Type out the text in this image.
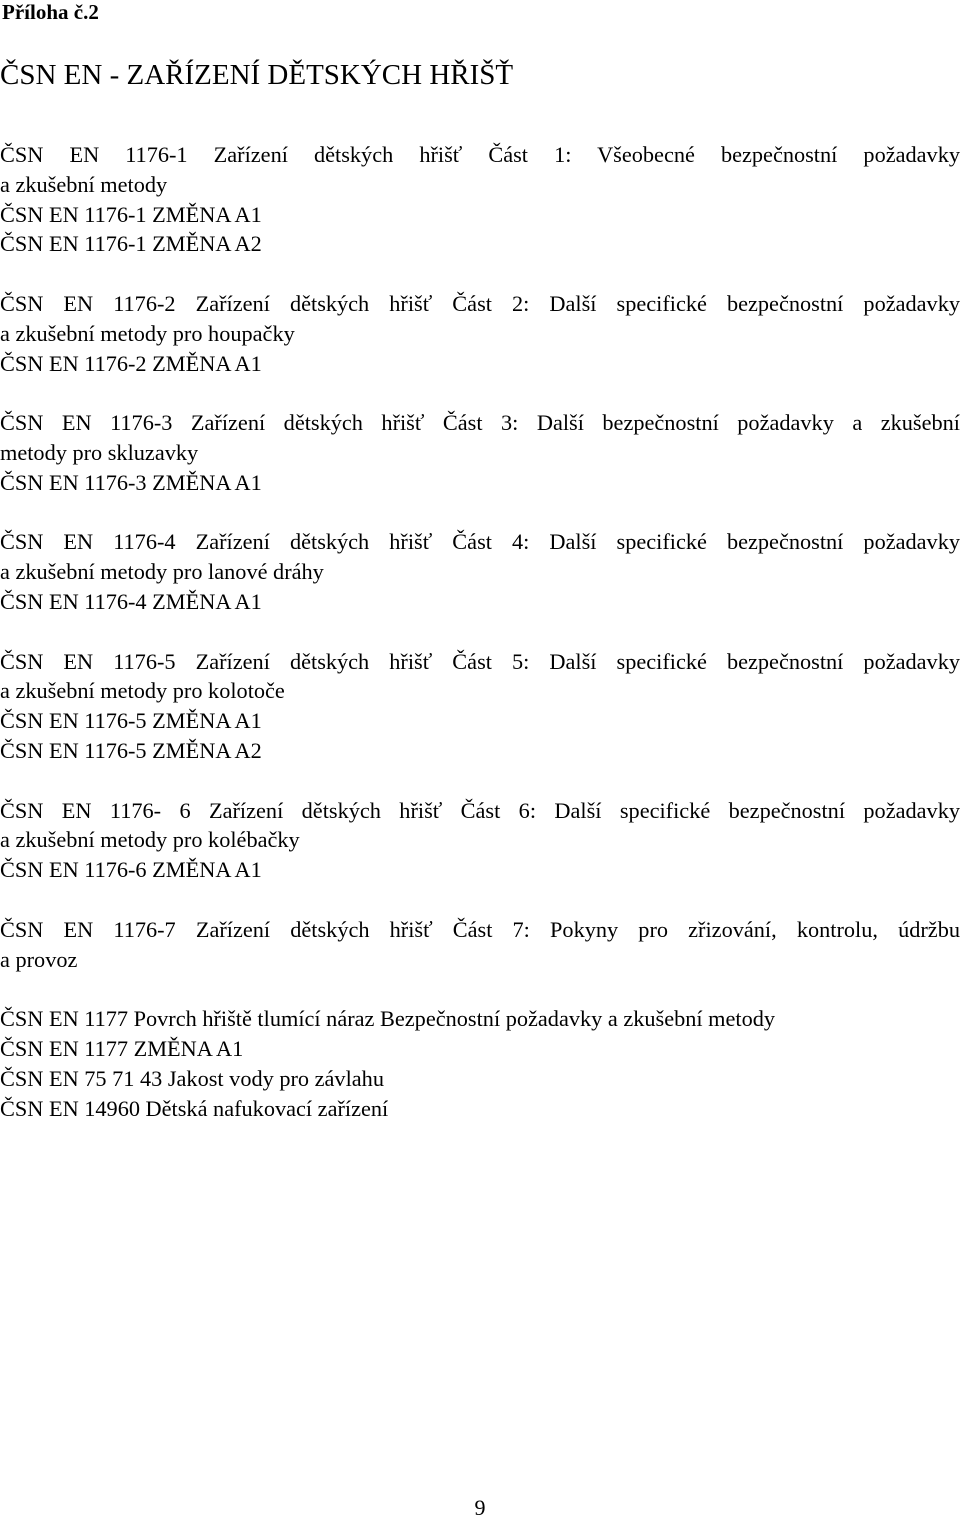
Příloha č.2
ČSN EN - ZAŘÍZENÍ DĚTSKÝCH HŘIŠŤ
ČSN EN 1176-1 Zařízení dětských hřišť Část 1: Všeobecné bezpečnostní požadavky
a zkušební metody
ČSN EN 1176-1 ZMĚNA A1
ČSN EN 1176-1 ZMĚNA A2
ČSN EN 1176-2 Zařízení dětských hřišť Část 2: Další specifické bezpečnostní požadavky
a zkušební metody pro houpačky
ČSN EN 1176-2 ZMĚNA A1
ČSN EN 1176-3 Zařízení dětských hřišť Část 3: Další bezpečnostní požadavky a zkušební
metody pro skluzavky
ČSN EN 1176-3 ZMĚNA A1
ČSN EN 1176-4 Zařízení dětských hřišť Část 4: Další specifické bezpečnostní požadavky
a zkušební metody pro lanové dráhy
ČSN EN 1176-4 ZMĚNA A1
ČSN EN 1176-5 Zařízení dětských hřišť Část 5: Další specifické bezpečnostní požadavky
a zkušební metody pro kolotoče
ČSN EN 1176-5 ZMĚNA A1
ČSN EN 1176-5 ZMĚNA A2
ČSN EN 1176- 6 Zařízení dětských hřišť Část 6: Další specifické bezpečnostní požadavky
a zkušební metody pro kolébačky
ČSN EN 1176-6 ZMĚNA A1
ČSN EN 1176-7 Zařízení dětských hřišť Část 7: Pokyny pro zřizování, kontrolu, údržbu
a provoz
ČSN EN 1177 Povrch hřiště tlumící náraz Bezpečnostní požadavky a zkušební metody
ČSN EN 1177 ZMĚNA A1
ČSN EN 75 71 43 Jakost vody pro závlahu
ČSN EN 14960 Dětská nafukovací zařízení
9
